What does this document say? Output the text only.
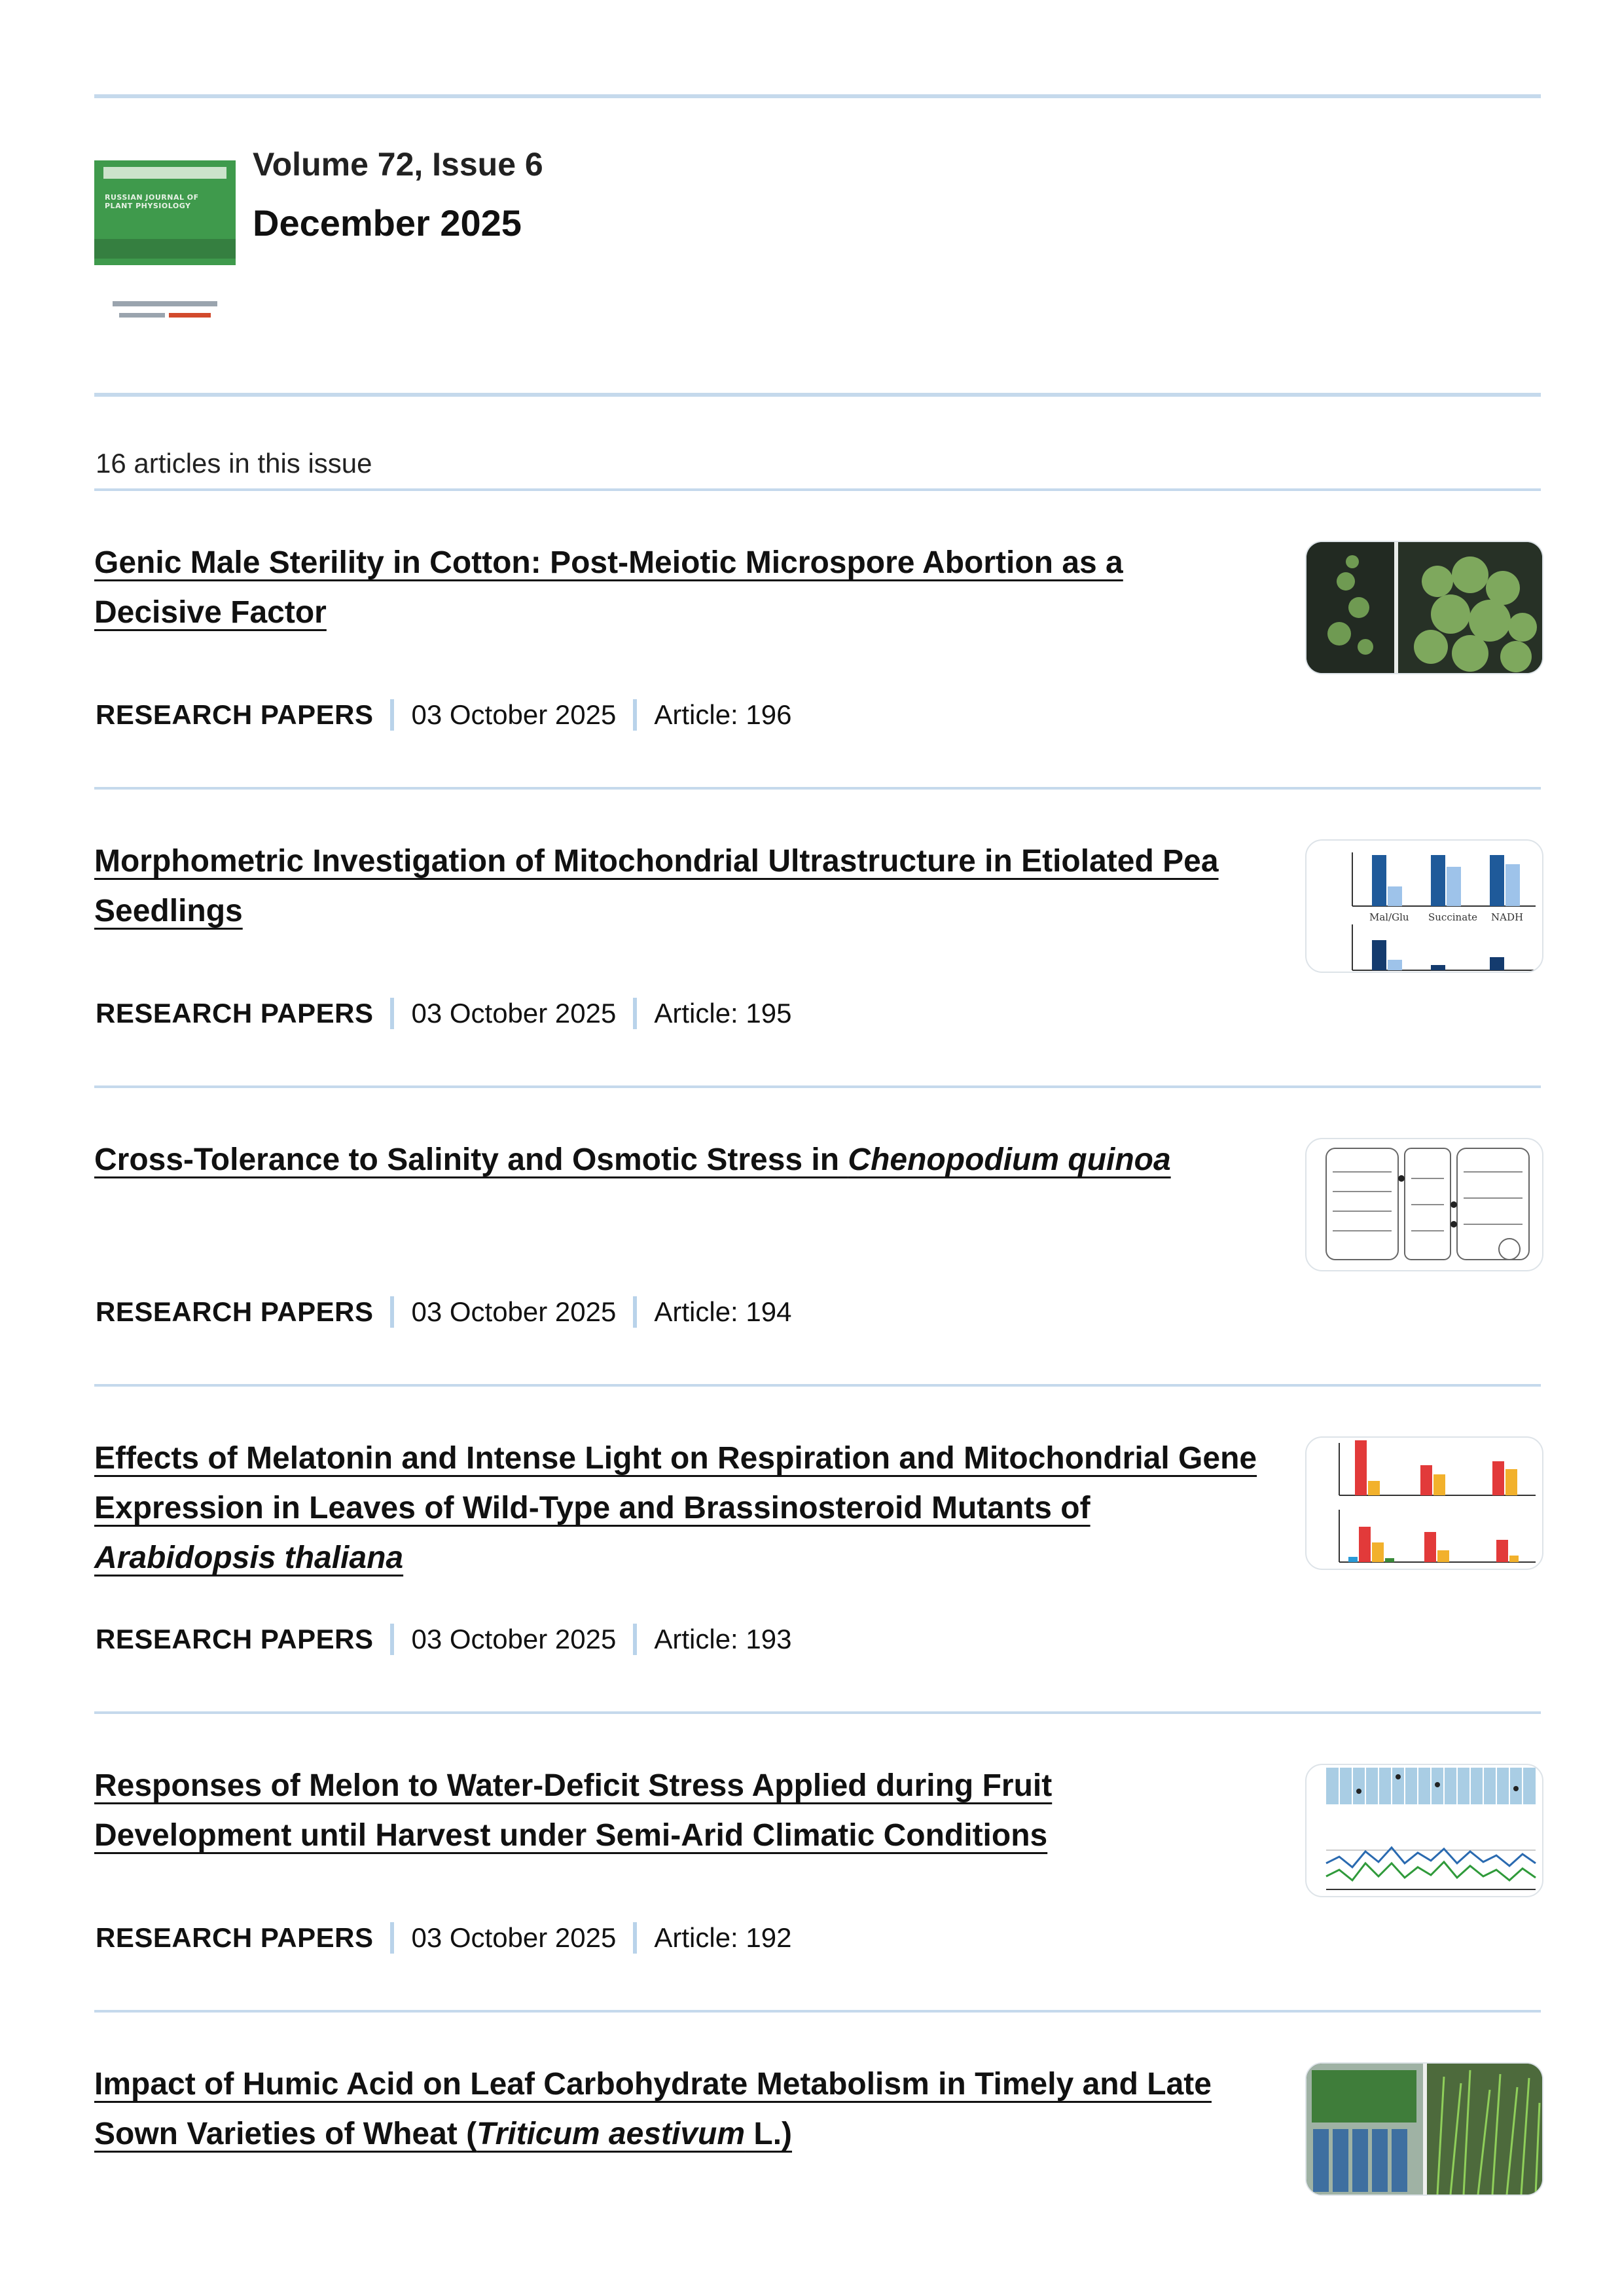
RUSSIAN JOURNAL OF PLANT PHYSIOLOGY
Volume 72, Issue 6
December 2025
16 articles in this issue
Genic Male Sterility in Cotton: Post-Meiotic Microspore Abortion as a Decisive Factor
RESEARCH PAPERS 03 October 2025 Article: 196
Morphometric Investigation of Mitochondrial Ultrastructure in Etiolated Pea Seedlings
RESEARCH PAPERS 03 October 2025 Article: 195
Mal/Glu Succinate NADH
Cross-Tolerance to Salinity and Osmotic Stress in Chenopodium quinoa
RESEARCH PAPERS 03 October 2025 Article: 194
Effects of Melatonin and Intense Light on Respiration and Mitochondrial Gene Expression in Leaves of Wild-Type and Brassinosteroid Mutants of Arabidopsis thaliana
RESEARCH PAPERS 03 October 2025 Article: 193
Responses of Melon to Water-Deficit Stress Applied during Fruit Development until Harvest under Semi-Arid Climatic Conditions
RESEARCH PAPERS 03 October 2025 Article: 192
Impact of Humic Acid on Leaf Carbohydrate Metabolism in Timely and Late Sown Varieties of Wheat (Triticum aestivum L.)
